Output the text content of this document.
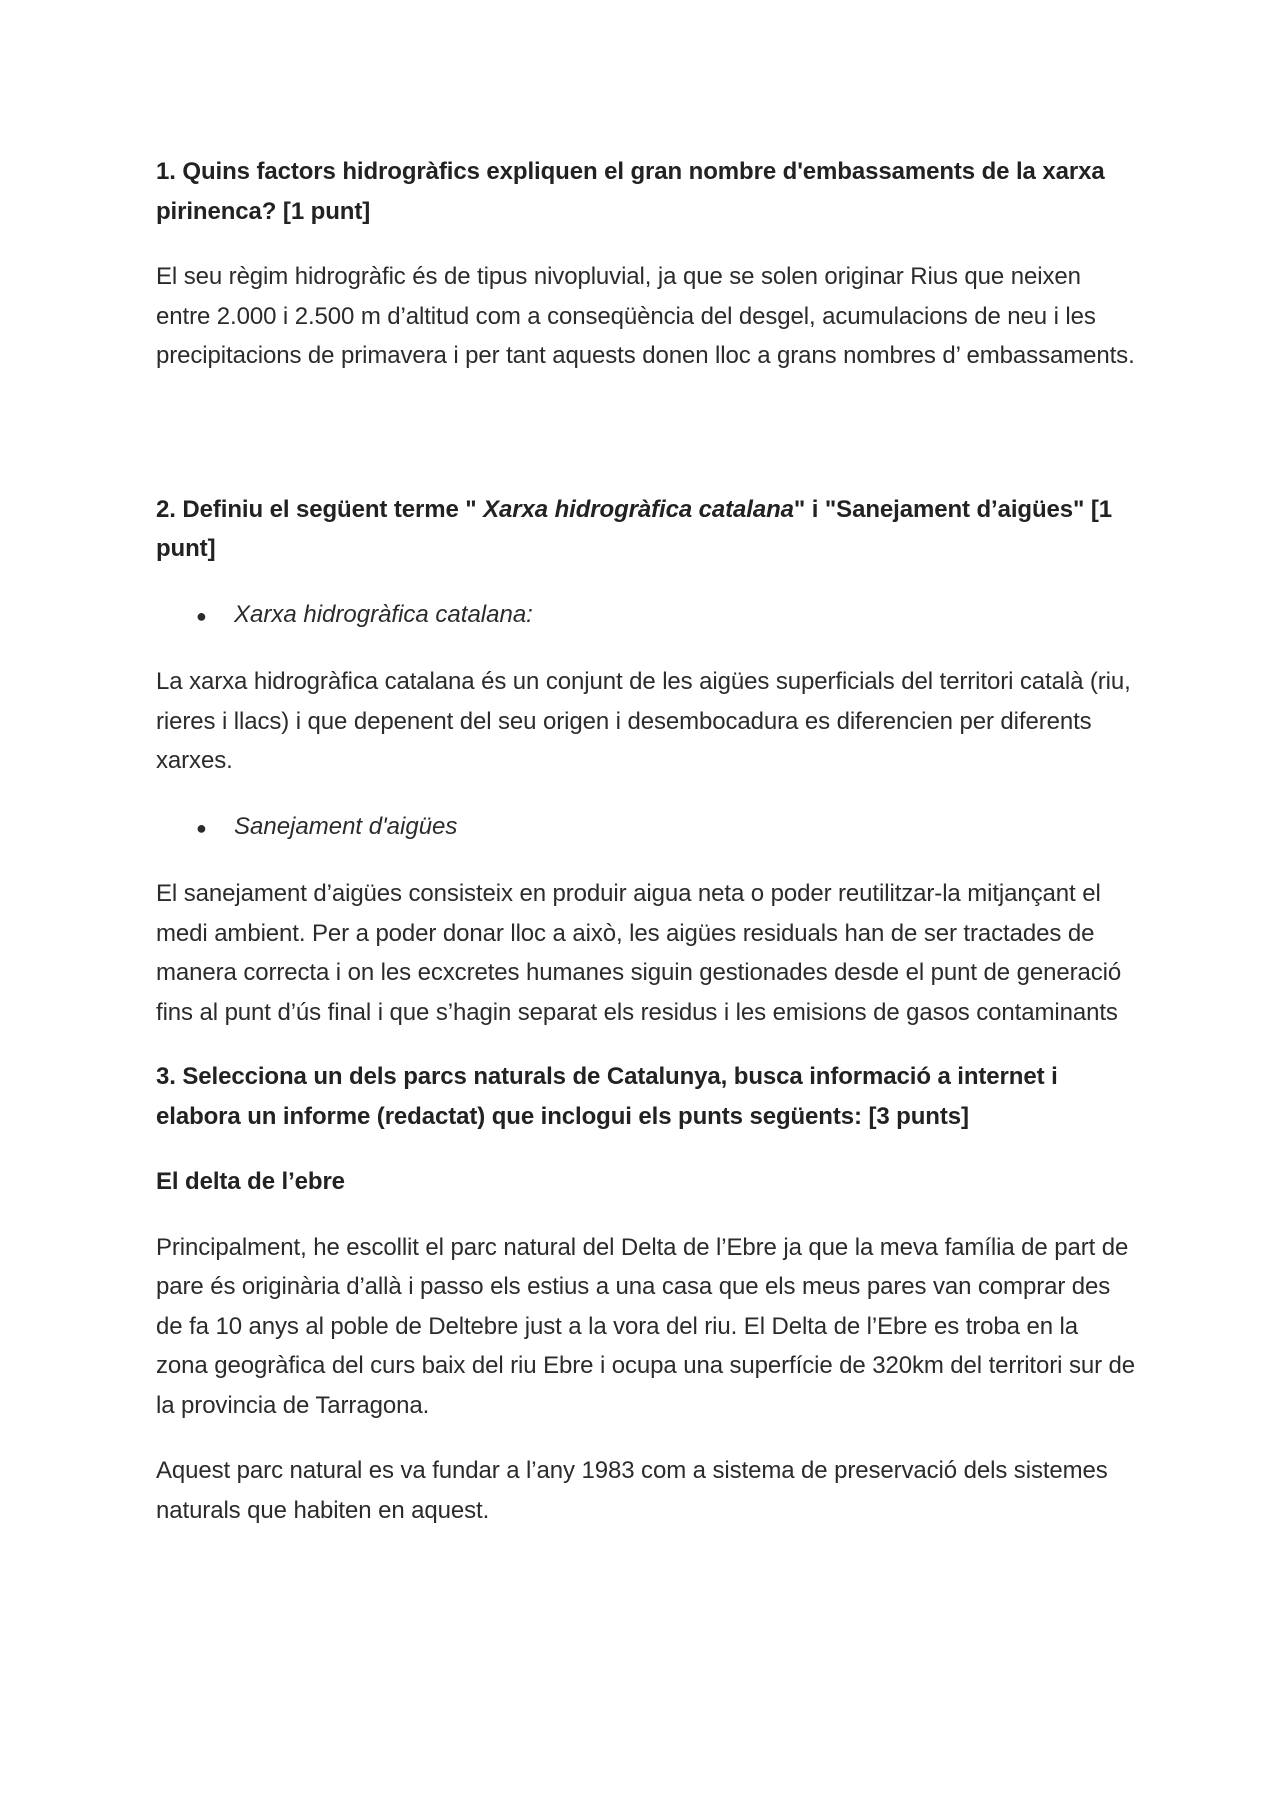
1. Quins factors hidrogràfics expliquen el gran nombre d'embassaments de la xarxa pirinenca? [1 punt]

El seu règim hidrogràfic és de tipus nivopluvial, ja que se solen originar Rius que neixen entre 2.000 i 2.500 m d’altitud com a conseqüència del desgel, acumulacions de neu i les precipitacions de primavera i per tant aquests donen lloc a grans nombres d’ embassaments.

2. Definiu el següent terme " Xarxa hidrogràfica catalana" i "Sanejament d’aigües" [1 punt]

●	Xarxa hidrogràfica catalana:

La xarxa hidrogràfica catalana és un conjunt de les aigües superficials del territori català (riu, rieres i llacs) i que depenent del seu origen i desembocadura es diferencien per diferents xarxes.

●	Sanejament d'aigües

El sanejament d’aigües consisteix en produir aigua neta o poder reutilitzar-la mitjançant el medi ambient. Per a poder donar lloc a això, les aigües residuals han de ser tractades de manera correcta i on les ecxcretes humanes siguin gestionades desde el punt de generació fins al punt d’ús final i que s’hagin separat els residus i les emisions de gasos contaminants

3. Selecciona un dels parcs naturals de Catalunya, busca informació a internet i elabora un informe (redactat) que inclogui els punts següents: [3 punts]

El delta de l’ebre

Principalment, he escollit el parc natural del Delta de l’Ebre ja que la meva família de part de pare és originària d’allà i passo els estius a una casa que els meus pares van comprar des de fa 10 anys al poble de Deltebre just a la vora del riu. El Delta de l’Ebre es troba en la zona geogràfica del curs baix del riu Ebre i ocupa una superfície de 320km del territori sur de la provincia de Tarragona.

Aquest parc natural es va fundar a l’any 1983 com a sistema de preservació dels sistemes naturals que habiten en aquest.
